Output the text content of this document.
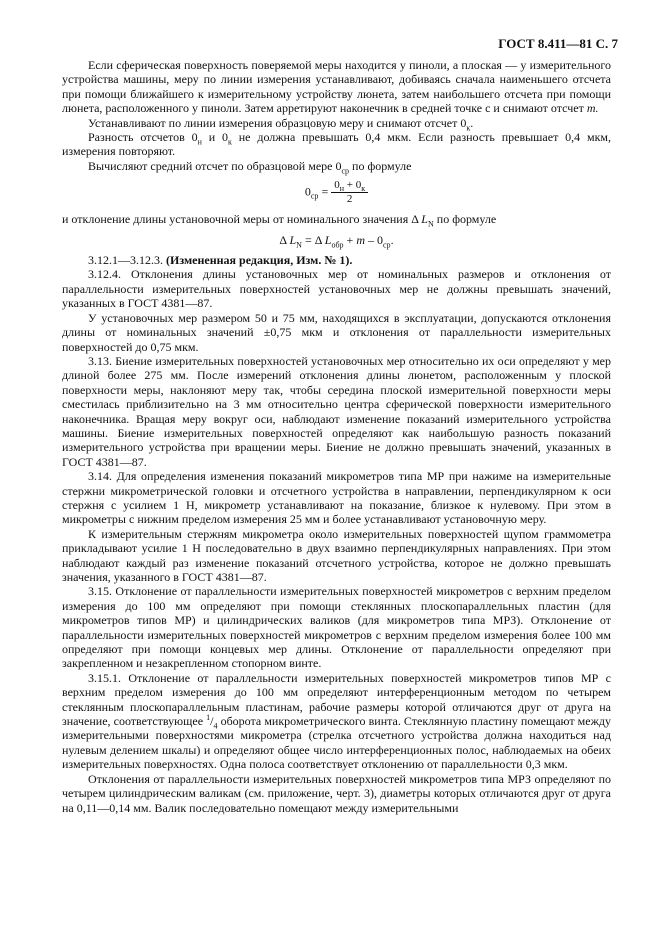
ГОСТ 8.411—81 С. 7

Если сферическая поверхность поверяемой меры находится у пиноли, а плоская — у измерительного устройства машины, меру по линии измерения устанавливают, добиваясь сначала наименьшего отсчета при помощи ближайшего к измерительному устройству люнета, затем наибольшего отсчета при помощи люнета, расположенного у пиноли. Затем арретируют наконечник в средней точке с и снимают отсчет m.

Устанавливают по линии измерения образцовую меру и снимают отсчет $0_к$.

Разность отсчетов $0_н$ и $0_к$ не должна превышать 0,4 мкм. Если разность превышает 0,4 мкм, измерения повторяют.

Вычисляют средний отсчет по образцовой мере $0_{ср}$ по формуле

$0_{ср} = \frac{0_н + 0_к}{2}$

и отклонение длины установочной меры от номинального значения Δ $L_N$ по формуле

Δ $L_N = \Delta$ $L_{обр} + m - 0_{ср}$.

3.12.1—3.12.3. (Измененная редакция, Изм. № 1).

3.12.4. Отклонения длины установочных мер от номинальных размеров и отклонения от параллельности измерительных поверхностей установочных мер не должны превышать значений, указанных в ГОСТ 4381—87.

У установочных мер размером 50 и 75 мм, находящихся в эксплуатации, допускаются отклонения длины от номинальных значений ±0,75 мкм и отклонения от параллельности измерительных поверхностей до 0,75 мкм.

3.13. Биение измерительных поверхностей установочных мер относительно их оси определяют у мер длиной более 275 мм. После измерений отклонения длины люнетом, расположенным у плоской поверхности меры, наклоняют меру так, чтобы середина плоской измерительной поверхности меры сместилась приблизительно на 3 мм относительно центра сферической поверхности измерительного наконечника. Вращая меру вокруг оси, наблюдают изменение показаний измерительного устройства машины. Биение измерительных поверхностей определяют как наибольшую разность показаний измерительного устройства при вращении меры. Биение не должно превышать значений, указанных в ГОСТ 4381—87.

3.14. Для определения изменения показаний микрометров типа МР при нажиме на измерительные стержни микрометрической головки и отсчетного устройства в направлении, перпендикулярном к оси стержня с усилием 1 Н, микрометр устанавливают на показание, близкое к нулевому. При этом в микрометры с нижним пределом измерения 25 мм и более устанавливают установочную меру.

К измерительным стержням микрометра около измерительных поверхностей щупом граммометра прикладывают усилие 1 Н последовательно в двух взаимно перпендикулярных направлениях. При этом наблюдают каждый раз изменение показаний отсчетного устройства, которое не должно превышать значения, указанного в ГОСТ 4381—87.

3.15. Отклонение от параллельности измерительных поверхностей микрометров с верхним пределом измерения до 100 мм определяют при помощи стеклянных плоскопараллельных пластин (для микрометров типов МР) и цилиндрических валиков (для микрометров типа МРЗ). Отклонение от параллельности измерительных поверхностей микрометров с верхним пределом измерения более 100 мм определяют при помощи концевых мер длины. Отклонение от параллельности определяют при закрепленном и незакрепленном стопорном винте.

3.15.1. Отклонение от параллельности измерительных поверхностей микрометров типов МР с верхним пределом измерения до 100 мм определяют интерференционным методом по четырем стеклянным плоскопараллельным пластинам, рабочие размеры которой отличаются друг от друга на значение, соответствующее $^1/_4$ оборота микрометрического винта. Стеклянную пластину помещают между измерительными поверхностями микрометра (стрелка отсчетного устройства должна находиться над нулевым делением шкалы) и определяют общее число интерференционных полос, наблюдаемых на обеих измерительных поверхностях. Одна полоса соответствует отклонению от параллельности 0,3 мкм.

Отклонения от параллельности измерительных поверхностей микрометров типа МРЗ определяют по четырем цилиндрическим валикам (см. приложение, черт. 3), диаметры которых отличаются друг от друга на 0,11—0,14 мм. Валик последовательно помещают между измерительными
